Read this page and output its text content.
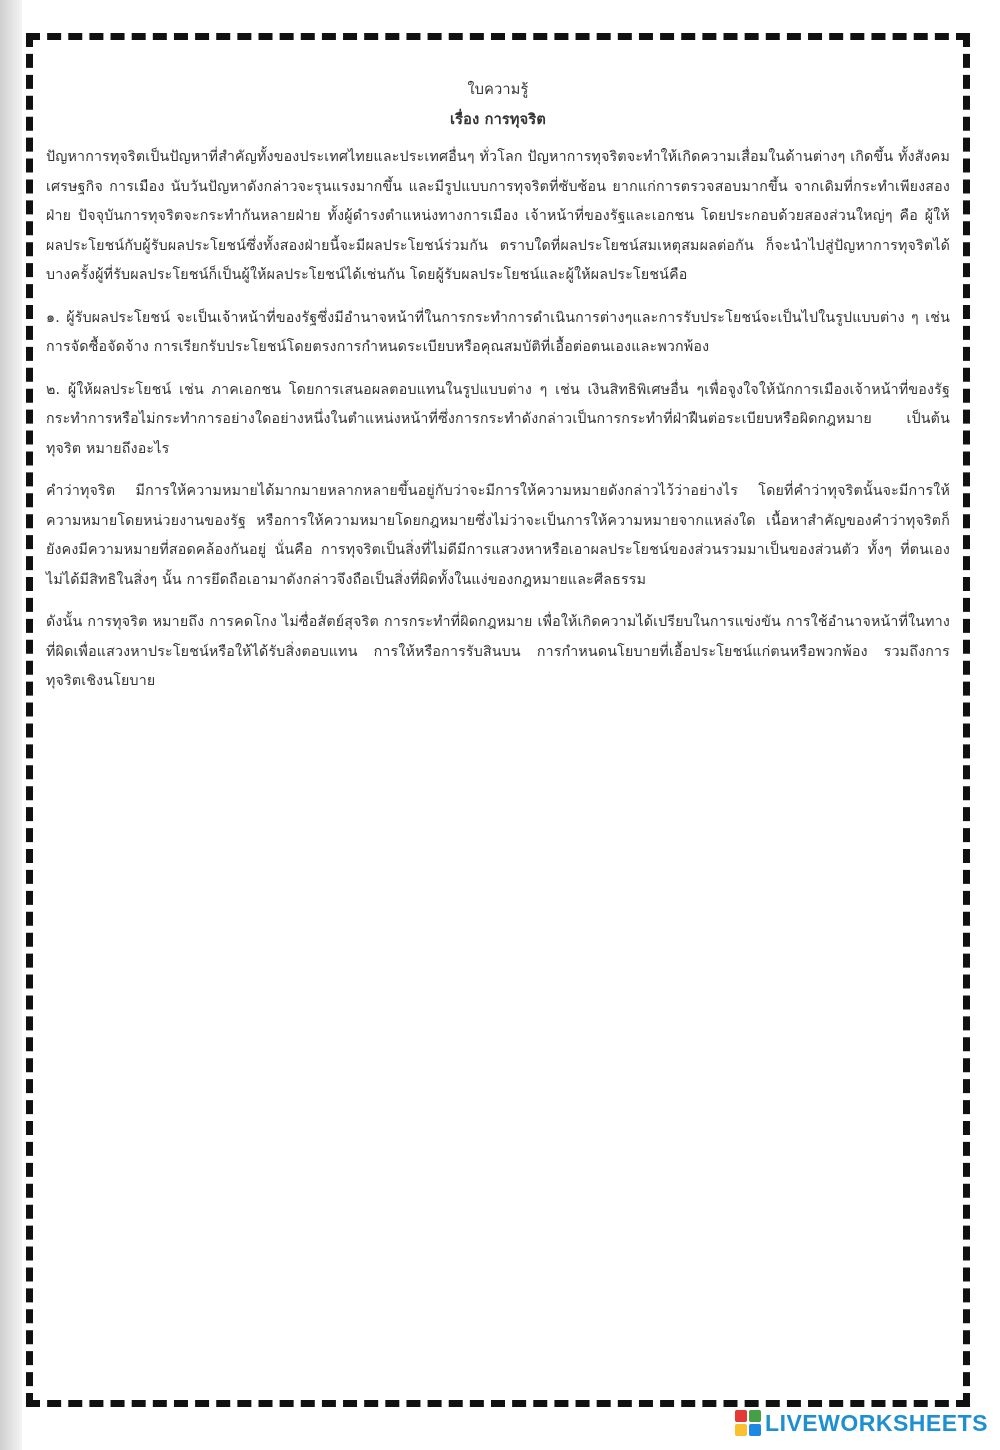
ใบความรู้
เรื่อง การทุจริต

ปัญหาการทุจริตเป็นปัญหาที่สำคัญทั้งของประเทศไทยและประเทศอื่นๆ ทั่วโลก ปัญหาการทุจริตจะทำให้เกิดความเสื่อมในด้านต่างๆ เกิดขึ้น ทั้งสังคม เศรษฐกิจ การเมือง นับวันปัญหาดังกล่าวจะรุนแรงมากขึ้น และมีรูปแบบการทุจริตที่ซับซ้อน ยากแก่การตรวจสอบมากขึ้น จากเดิมที่กระทำเพียงสองฝ่าย ปัจจุบันการทุจริตจะกระทำกันหลายฝ่าย ทั้งผู้ดำรงตำแหน่งทางการเมือง เจ้าหน้าที่ของรัฐและเอกชน โดยประกอบด้วยสองส่วนใหญ่ๆ คือ ผู้ให้ผลประโยชน์กับผู้รับผลประโยชน์ซึ่งทั้งสองฝ่ายนี้จะมีผลประโยชน์ร่วมกัน ตราบใดที่ผลประโยชน์สมเหตุสมผลต่อกัน ก็จะนำไปสู่ปัญหาการทุจริตได้บางครั้งผู้ที่รับผลประโยชน์ก็เป็นผู้ให้ผลประโยชน์ได้เช่นกัน โดยผู้รับผลประโยชน์และผู้ให้ผลประโยชน์คือ

๑. ผู้รับผลประโยชน์ จะเป็นเจ้าหน้าที่ของรัฐซึ่งมีอำนาจหน้าที่ในการกระทำการดำเนินการต่างๆและการรับประโยชน์จะเป็นไปในรูปแบบต่าง ๆ เช่น การจัดซื้อจัดจ้าง การเรียกรับประโยชน์โดยตรงการกำหนดระเบียบหรือคุณสมบัติที่เอื้อต่อตนเองและพวกพ้อง

๒. ผู้ให้ผลประโยชน์ เช่น ภาคเอกชน โดยการเสนอผลตอบแทนในรูปแบบต่าง ๆ เช่น เงินสิทธิพิเศษอื่น ๆเพื่อจูงใจให้นักการเมืองเจ้าหน้าที่ของรัฐกระทำการหรือไม่กระทำการอย่างใดอย่างหนึ่งในตำแหน่งหน้าที่ซึ่งการกระทำดังกล่าวเป็นการกระทำที่ฝ่าฝืนต่อระเบียบหรือผิดกฎหมาย เป็นต้นทุจริต หมายถึงอะไร

คำว่าทุจริต มีการให้ความหมายได้มากมายหลากหลายขึ้นอยู่กับว่าจะมีการให้ความหมายดังกล่าวไว้ว่าอย่างไร โดยที่คำว่าทุจริตนั้นจะมีการให้ความหมายโดยหน่วยงานของรัฐ หรือการให้ความหมายโดยกฎหมายซึ่งไม่ว่าจะเป็นการให้ความหมายจากแหล่งใด เนื้อหาสำคัญของคำว่าทุจริตก็ยังคงมีความหมายที่สอดคล้องกันอยู่ นั่นคือ การทุจริตเป็นสิ่งที่ไม่ดีมีการแสวงหาหรือเอาผลประโยชน์ของส่วนรวมมาเป็นของส่วนตัว ทั้งๆ ที่ตนเองไม่ได้มีสิทธิในสิ่งๆ นั้น การยึดถือเอามาดังกล่าวจึงถือเป็นสิ่งที่ผิดทั้งในแง่ของกฎหมายและศีลธรรม

ดังนั้น การทุจริต หมายถึง การคดโกง ไม่ซื่อสัตย์สุจริต การกระทำที่ผิดกฎหมาย เพื่อให้เกิดความได้เปรียบในการแข่งขัน การใช้อำนาจหน้าที่ในทางที่ผิดเพื่อแสวงหาประโยชน์หรือให้ได้รับสิ่งตอบแทน การให้หรือการรับสินบน การกำหนดนโยบายที่เอื้อประโยชน์แก่ตนหรือพวกพ้อง รวมถึงการทุจริตเชิงนโยบาย

LIVEWORKSHEETS
